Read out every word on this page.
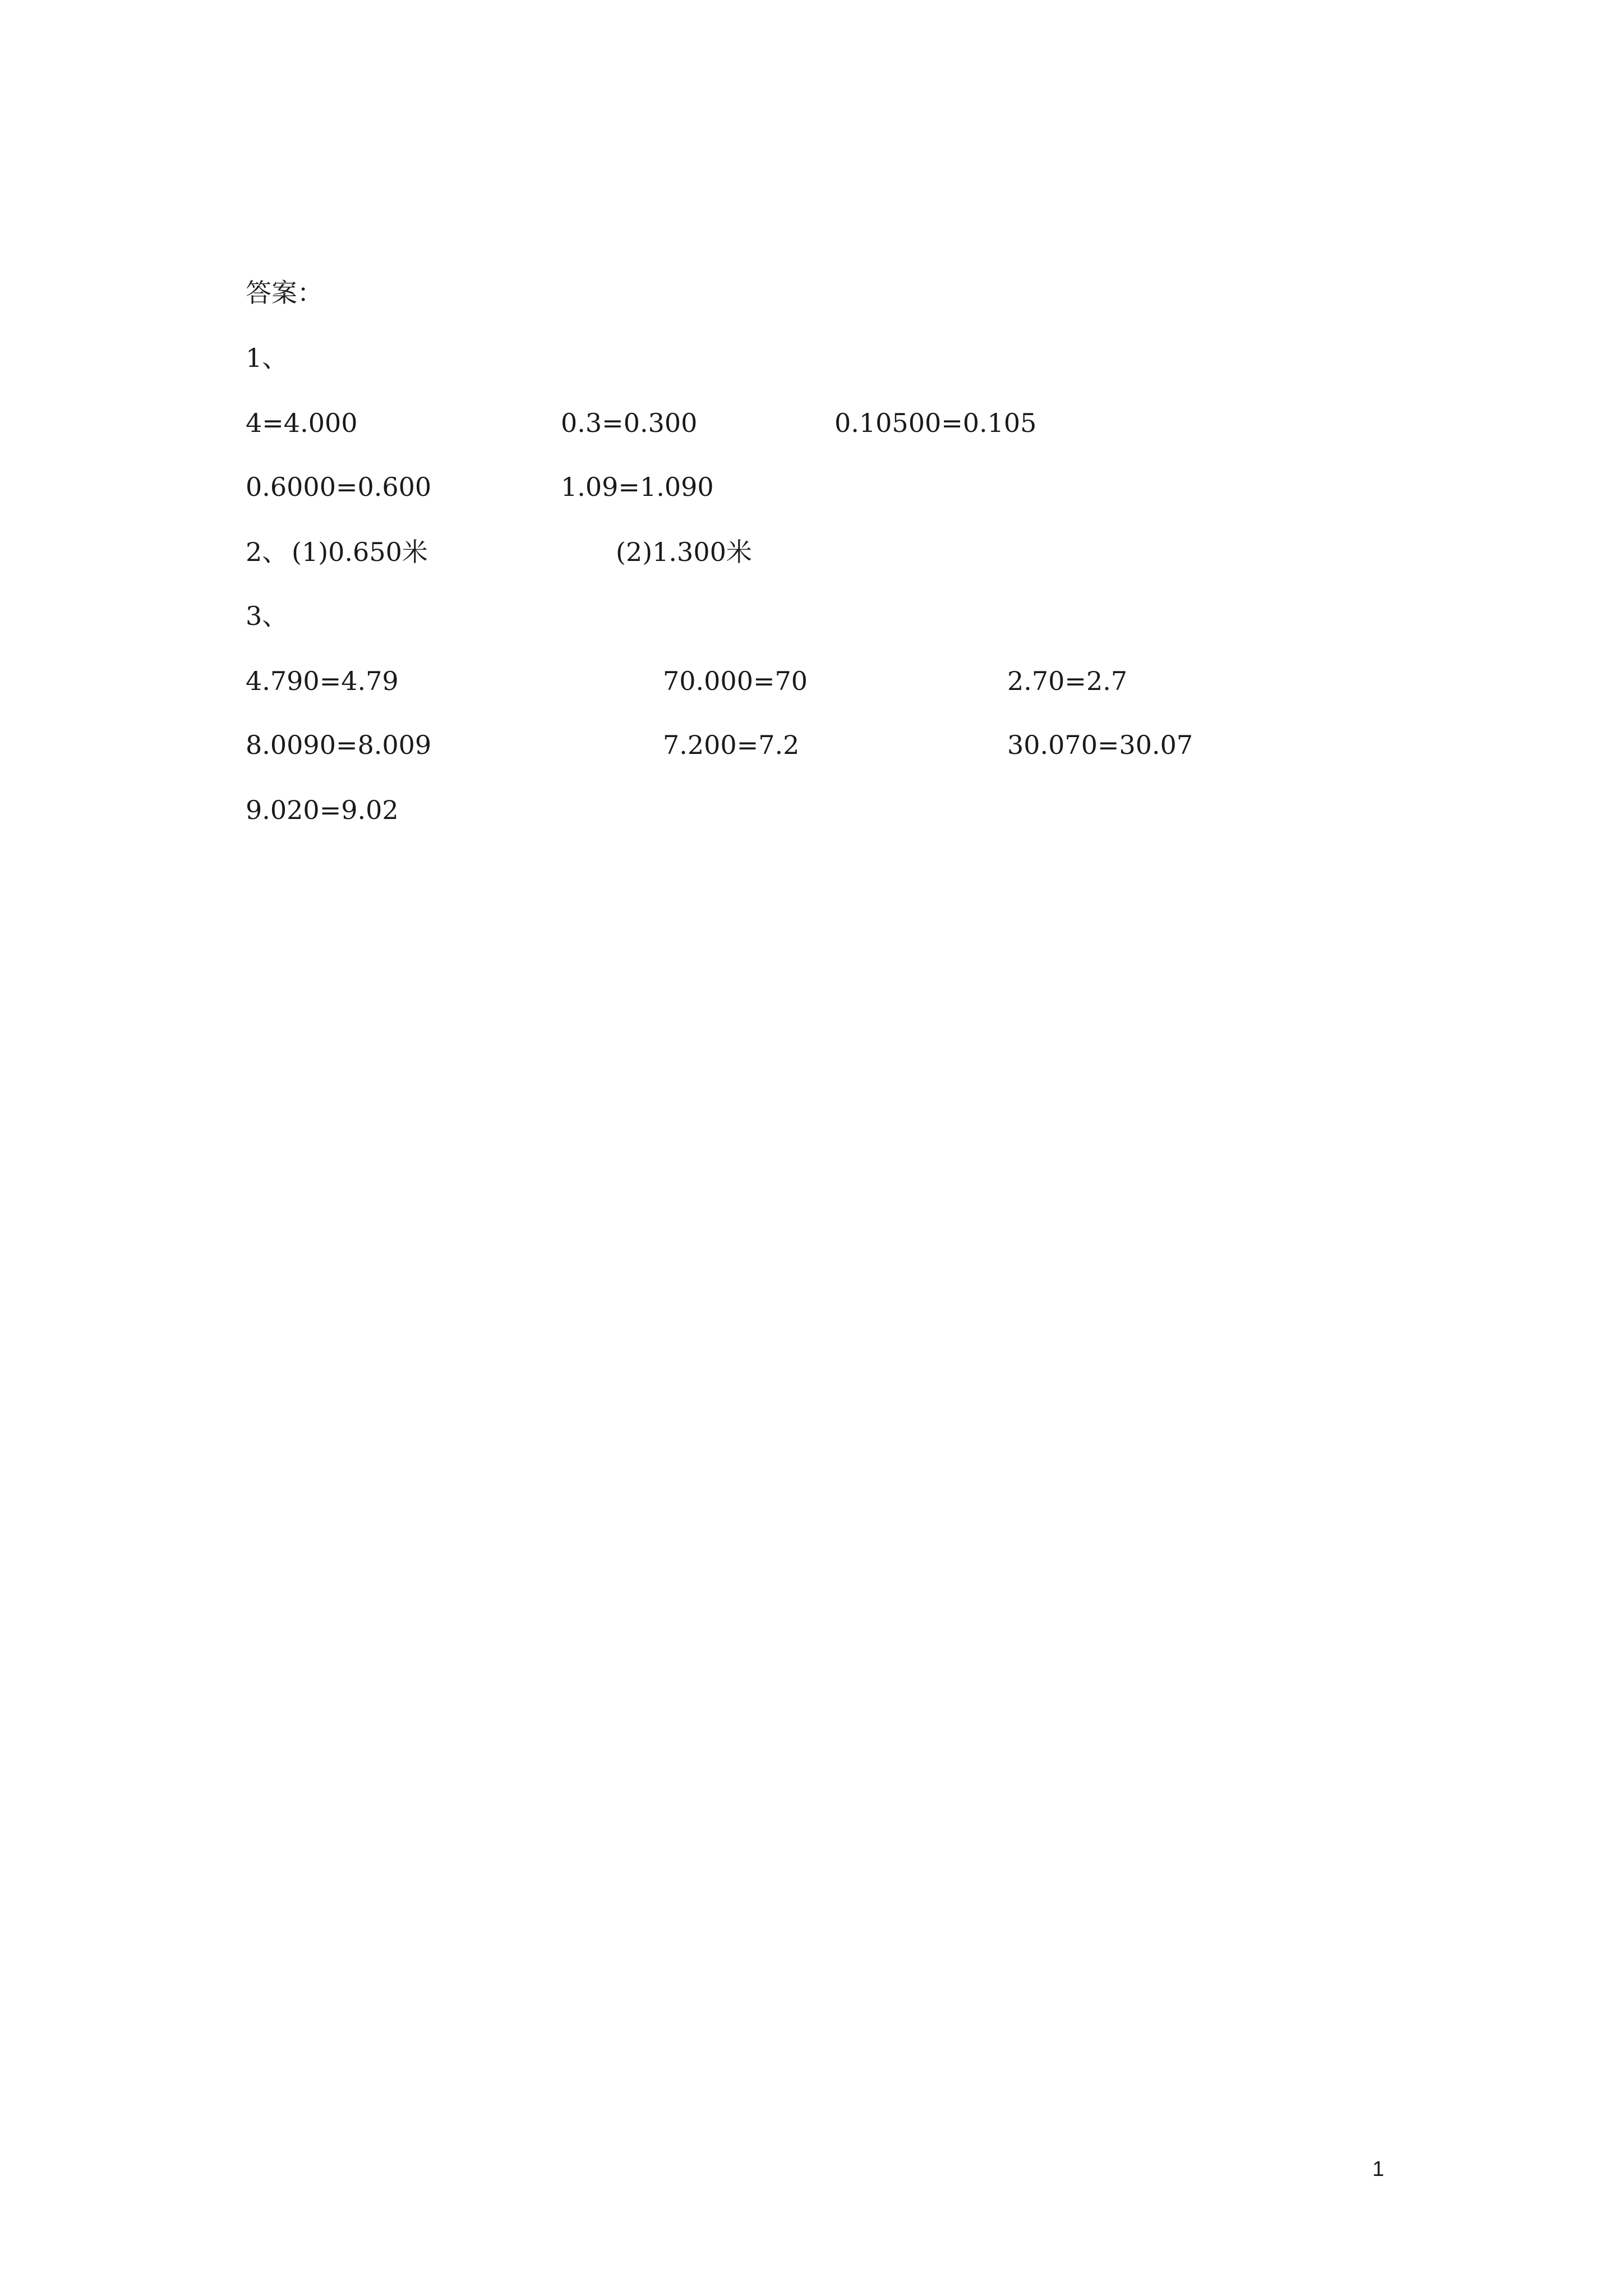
答案：
1、
4=4.000	0.3=0.300	0.10500=0.105
0.6000=0.600	1.09=1.090
2、 (1)0.650米	(2)1.300米
3、
4.790=4.79	70.000=70	2.70=2.7
8.0090=8.009	7.200=7.2	30.070=30.07
9.020=9.02
1
